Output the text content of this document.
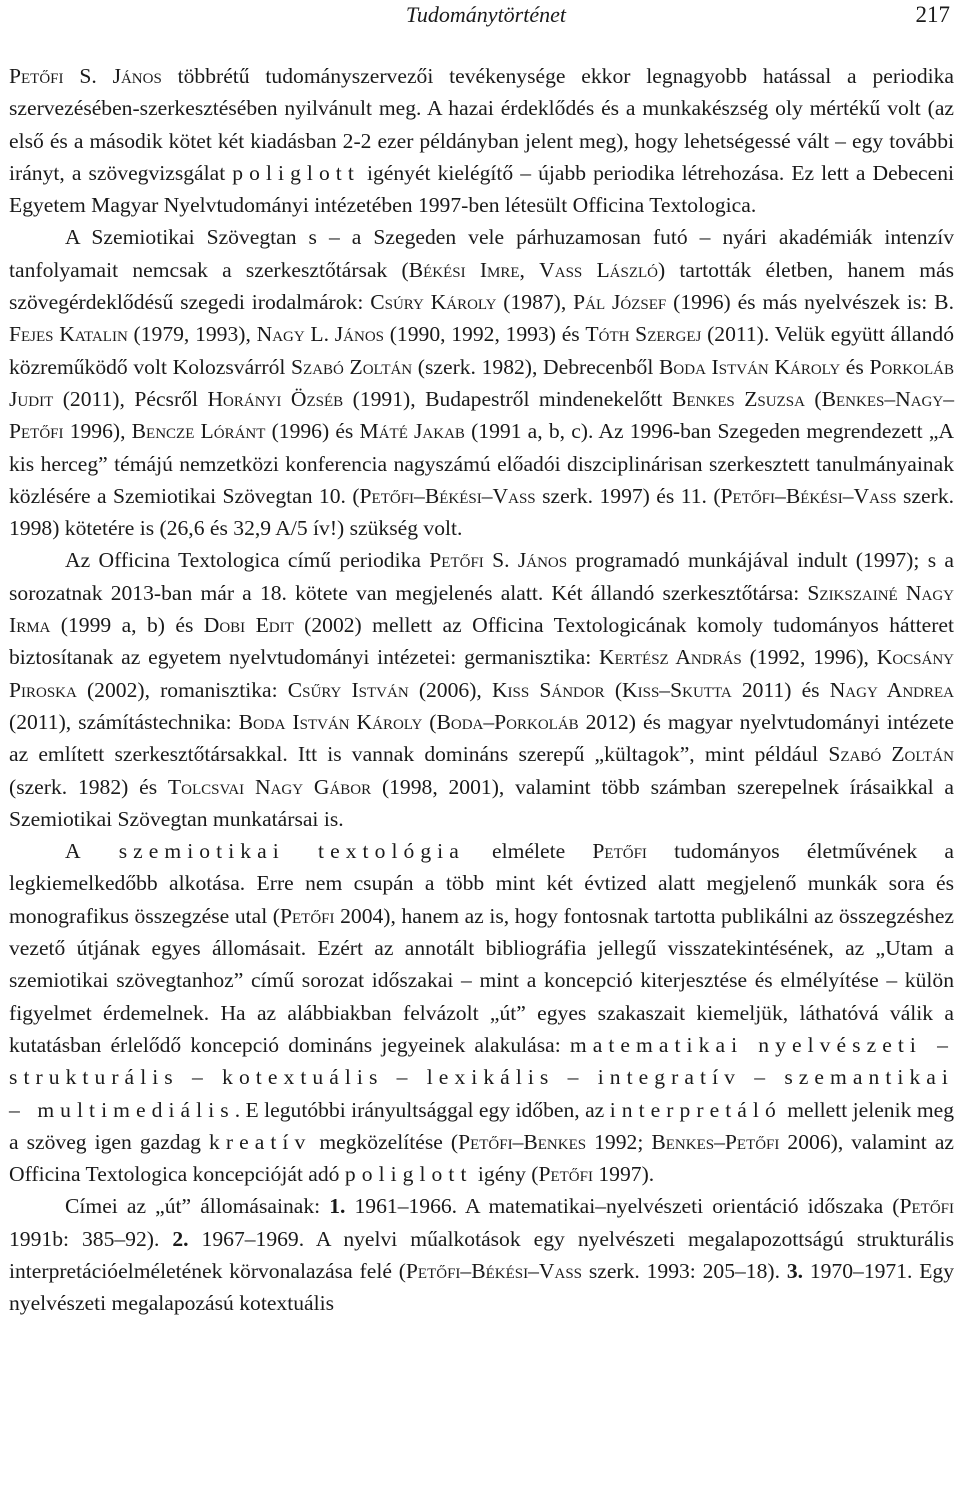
Tudománytörténet	217

Petőfi S. János többrétű tudományszervezői tevékenysége ekkor legnagyobb hatással a periodika szervezésében-szerkesztésében nyilvánult meg. A hazai érdeklődés és a munkakészség oly mértékű volt (az első és a második kötet két kiadásban 2-2 ezer példányban jelent meg), hogy lehetségessé vált – egy további irányt, a szövegvizsgálat poliglott igényét kielégítő – újabb periodika létrehozása. Ez lett a Debeceni Egyetem Magyar Nyelvtudományi intézetében 1997-ben létesült Officina Textologica.

A Szemiotikai Szövegtan s – a Szegeden vele párhuzamosan futó – nyári akadémiák intenzív tanfolyamait nemcsak a szerkesztőtársak (Békési Imre, Vass László) tartották életben, hanem más szövegérdeklődésű szegedi irodalmárok: Csúry Károly (1987), Pál József (1996) és más nyelvészek is: B. Fejes Katalin (1979, 1993), Nagy L. János (1990, 1992, 1993) és Tóth Szergej (2011). Velük együtt állandó közreműködő volt Kolozsvárról Szabó Zoltán (szerk. 1982), Debrecenből Boda István Károly és Porkoláb Judit (2011), Pécsről Horányi Özséb (1991), Budapestről mindenekelőtt Benkes Zsuzsa (Benkes–Nagy–Petőfi 1996), Bencze Lóránt (1996) és Máté Jakab (1991 a, b, c). Az 1996-ban Szegeden megrendezett „A kis herceg” témájú nemzetközi konferencia nagyszámú előadói diszciplinárisan szerkesztett tanulmányainak közlésére a Szemiotikai Szövegtan 10. (Petőfi–Békési–Vass szerk. 1997) és 11. (Petőfi–Békési–Vass szerk. 1998) kötetére is (26,6 és 32,9 A/5 ív!) szükség volt.

Az Officina Textologica című periodika Petőfi S. János programadó munkájával indult (1997); s a sorozatnak 2013-ban már a 18. kötete van megjelenés alatt. Két állandó szerkesztőtársa: Szikszainé Nagy Irma (1999 a, b) és Dobi Edit (2002) mellett az Officina Textologicának komoly tudományos hátteret biztosítanak az egyetem nyelvtudományi intézetei: germanisztika: Kertész András (1992, 1996), Kocsány Piroska (2002), romanisztika: Csűry István (2006), Kiss Sándor (Kiss–Skutta 2011) és Nagy Andrea (2011), számítástechnika: Boda István Károly (Boda–Porkoláb 2012) és magyar nyelvtudományi intézete az említett szerkesztőtársakkal. Itt is vannak domináns szerepű „kültagok”, mint például Szabó Zoltán (szerk. 1982) és Tolcsvai Nagy Gábor (1998, 2001), valamint több számban szerepelnek írásaikkal a Szemiotikai Szövegtan munkatársai is.

A szemiotikai textológia elmélete Petőfi tudományos életművének a legkiemelkedőbb alkotása. Erre nem csupán a több mint két évtized alatt megjelenő munkák sora és monografikus összegzése utal (Petőfi 2004), hanem az is, hogy fontosnak tartotta publikálni az összegzéshez vezető útjának egyes állomásait. Ezért az annotált bibliográfia jellegű visszatekintésének, az „Utam a szemiotikai szövegtanhoz” című sorozat időszakai – mint a koncepció kiterjesztése és elmélyítése – külön figyelmet érdemelnek. Ha az alábbiakban felvázolt „út” egyes szakaszait kiemeljük, láthatóvá válik a kutatásban érlelődő koncepció domináns jegyeinek alakulása: matematikai nyelvészeti – strukturális – kotextuális – lexikális – integratív – szemantikai – multimediális. E legutóbbi irányultsággal egy időben, az interpretáló mellett jelenik meg a szöveg igen gazdag kreatív megközelítése (Petőfi–Benkes 1992; Benkes–Petőfi 2006), valamint az Officina Textologica koncepcióját adó poliglott igény (Petőfi 1997).

Címei az „út” állomásainak: 1. 1961–1966. A matematikai–nyelvészeti orientáció időszaka (Petőfi 1991b: 385–92). 2. 1967–1969. A nyelvi műalkotások egy nyelvészeti megalapozottságú strukturális interpretációelméletének körvonalazása felé (Petőfi–Békési–Vass szerk. 1993: 205–18). 3. 1970–1971. Egy nyelvészeti megalapozású kotextuális
